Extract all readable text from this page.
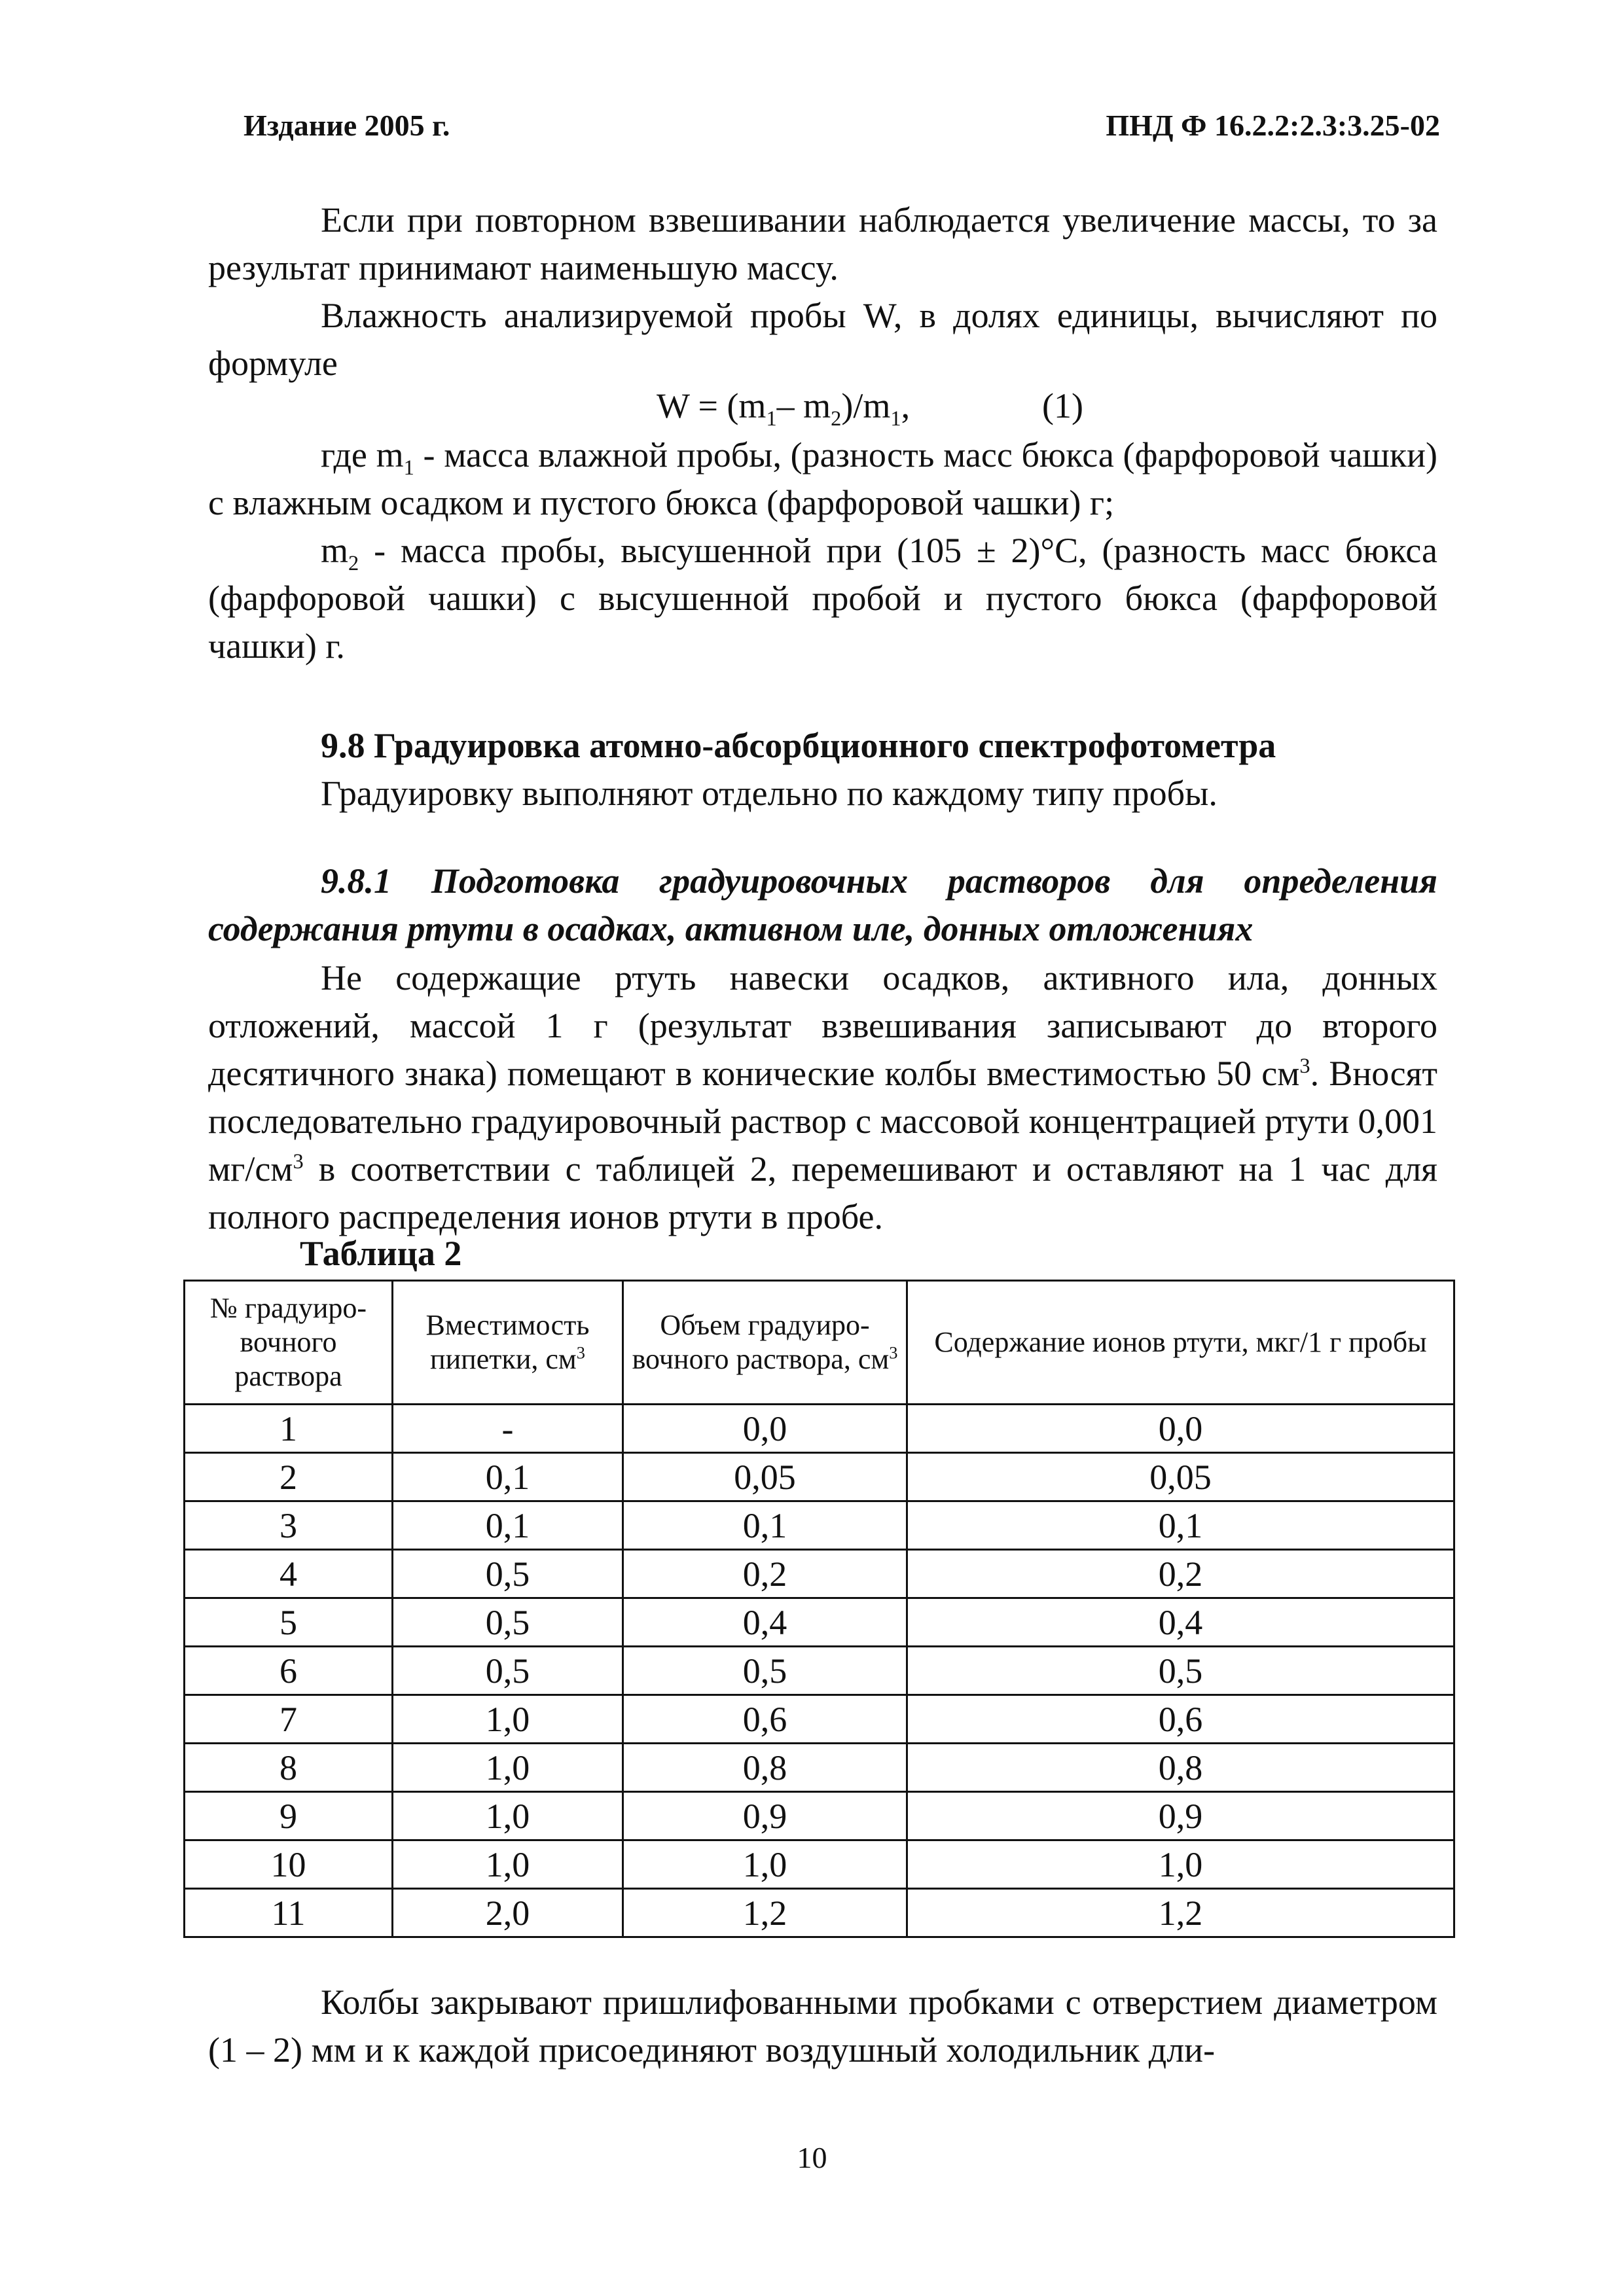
Издание 2005 г.	ПНД Ф 16.2.2:2.3:3.25-02

Если при повторном взвешивании наблюдается увеличение массы, то за результат принимают наименьшую массу.

Влажность анализируемой пробы W, в долях единицы, вычисляют по формуле

$W = (m_1-$ $m_2)/m_1$,	(1)

где $m_1$ - масса влажной пробы, (разность масс бюкса (фарфоровой чашки) с влажным осадком и пустого бюкса (фарфоровой чашки) г;

$m_2$ - масса пробы, высушенной при (105 ± 2)°С, (разность масс бюкса (фарфоровой чашки) с высушенной пробой и пустого бюкса (фарфоровой чашки) г.

9.8 Градуировка атомно-абсорбционного спектрофотометра
Градуировку выполняют отдельно по каждому типу пробы.

9.8.1 Подготовка градуировочных растворов для определения содержания ртути в осадках, активном иле, донных отложениях

Не содержащие ртуть навески осадков, активного ила, донных отложений, массой 1 г (результат взвешивания записывают до второго десятичного знака) помещают в конические колбы вместимостью 50 $см^3$. Вносят последовательно градуировочный раствор с массовой концентрацией ртути 0,001 $мг/см^3$ в соответствии с таблицей 2, перемешивают и оставляют на 1 час для полного распределения ионов ртути в пробе.

Таблица 2
№ градуиро-вочного раствора	Вместимость пипетки, $см^3$	Объем градуиро-вочного раствора, $см^3$	Содержание ионов ртути, мкг/1 г пробы
1	-	0,0	0,0
2	0,1	0,05	0,05
3	0,1	0,1	0,1
4	0,5	0,2	0,2
5	0,5	0,4	0,4
6	0,5	0,5	0,5
7	1,0	0,6	0,6
8	1,0	0,8	0,8
9	1,0	0,9	0,9
10	1,0	1,0	1,0
11	2,0	1,2	1,2

Колбы закрывают пришлифованными пробками с отверстием диаметром (1 – 2) мм и к каждой присоединяют воздушный холодильник дли-

10
